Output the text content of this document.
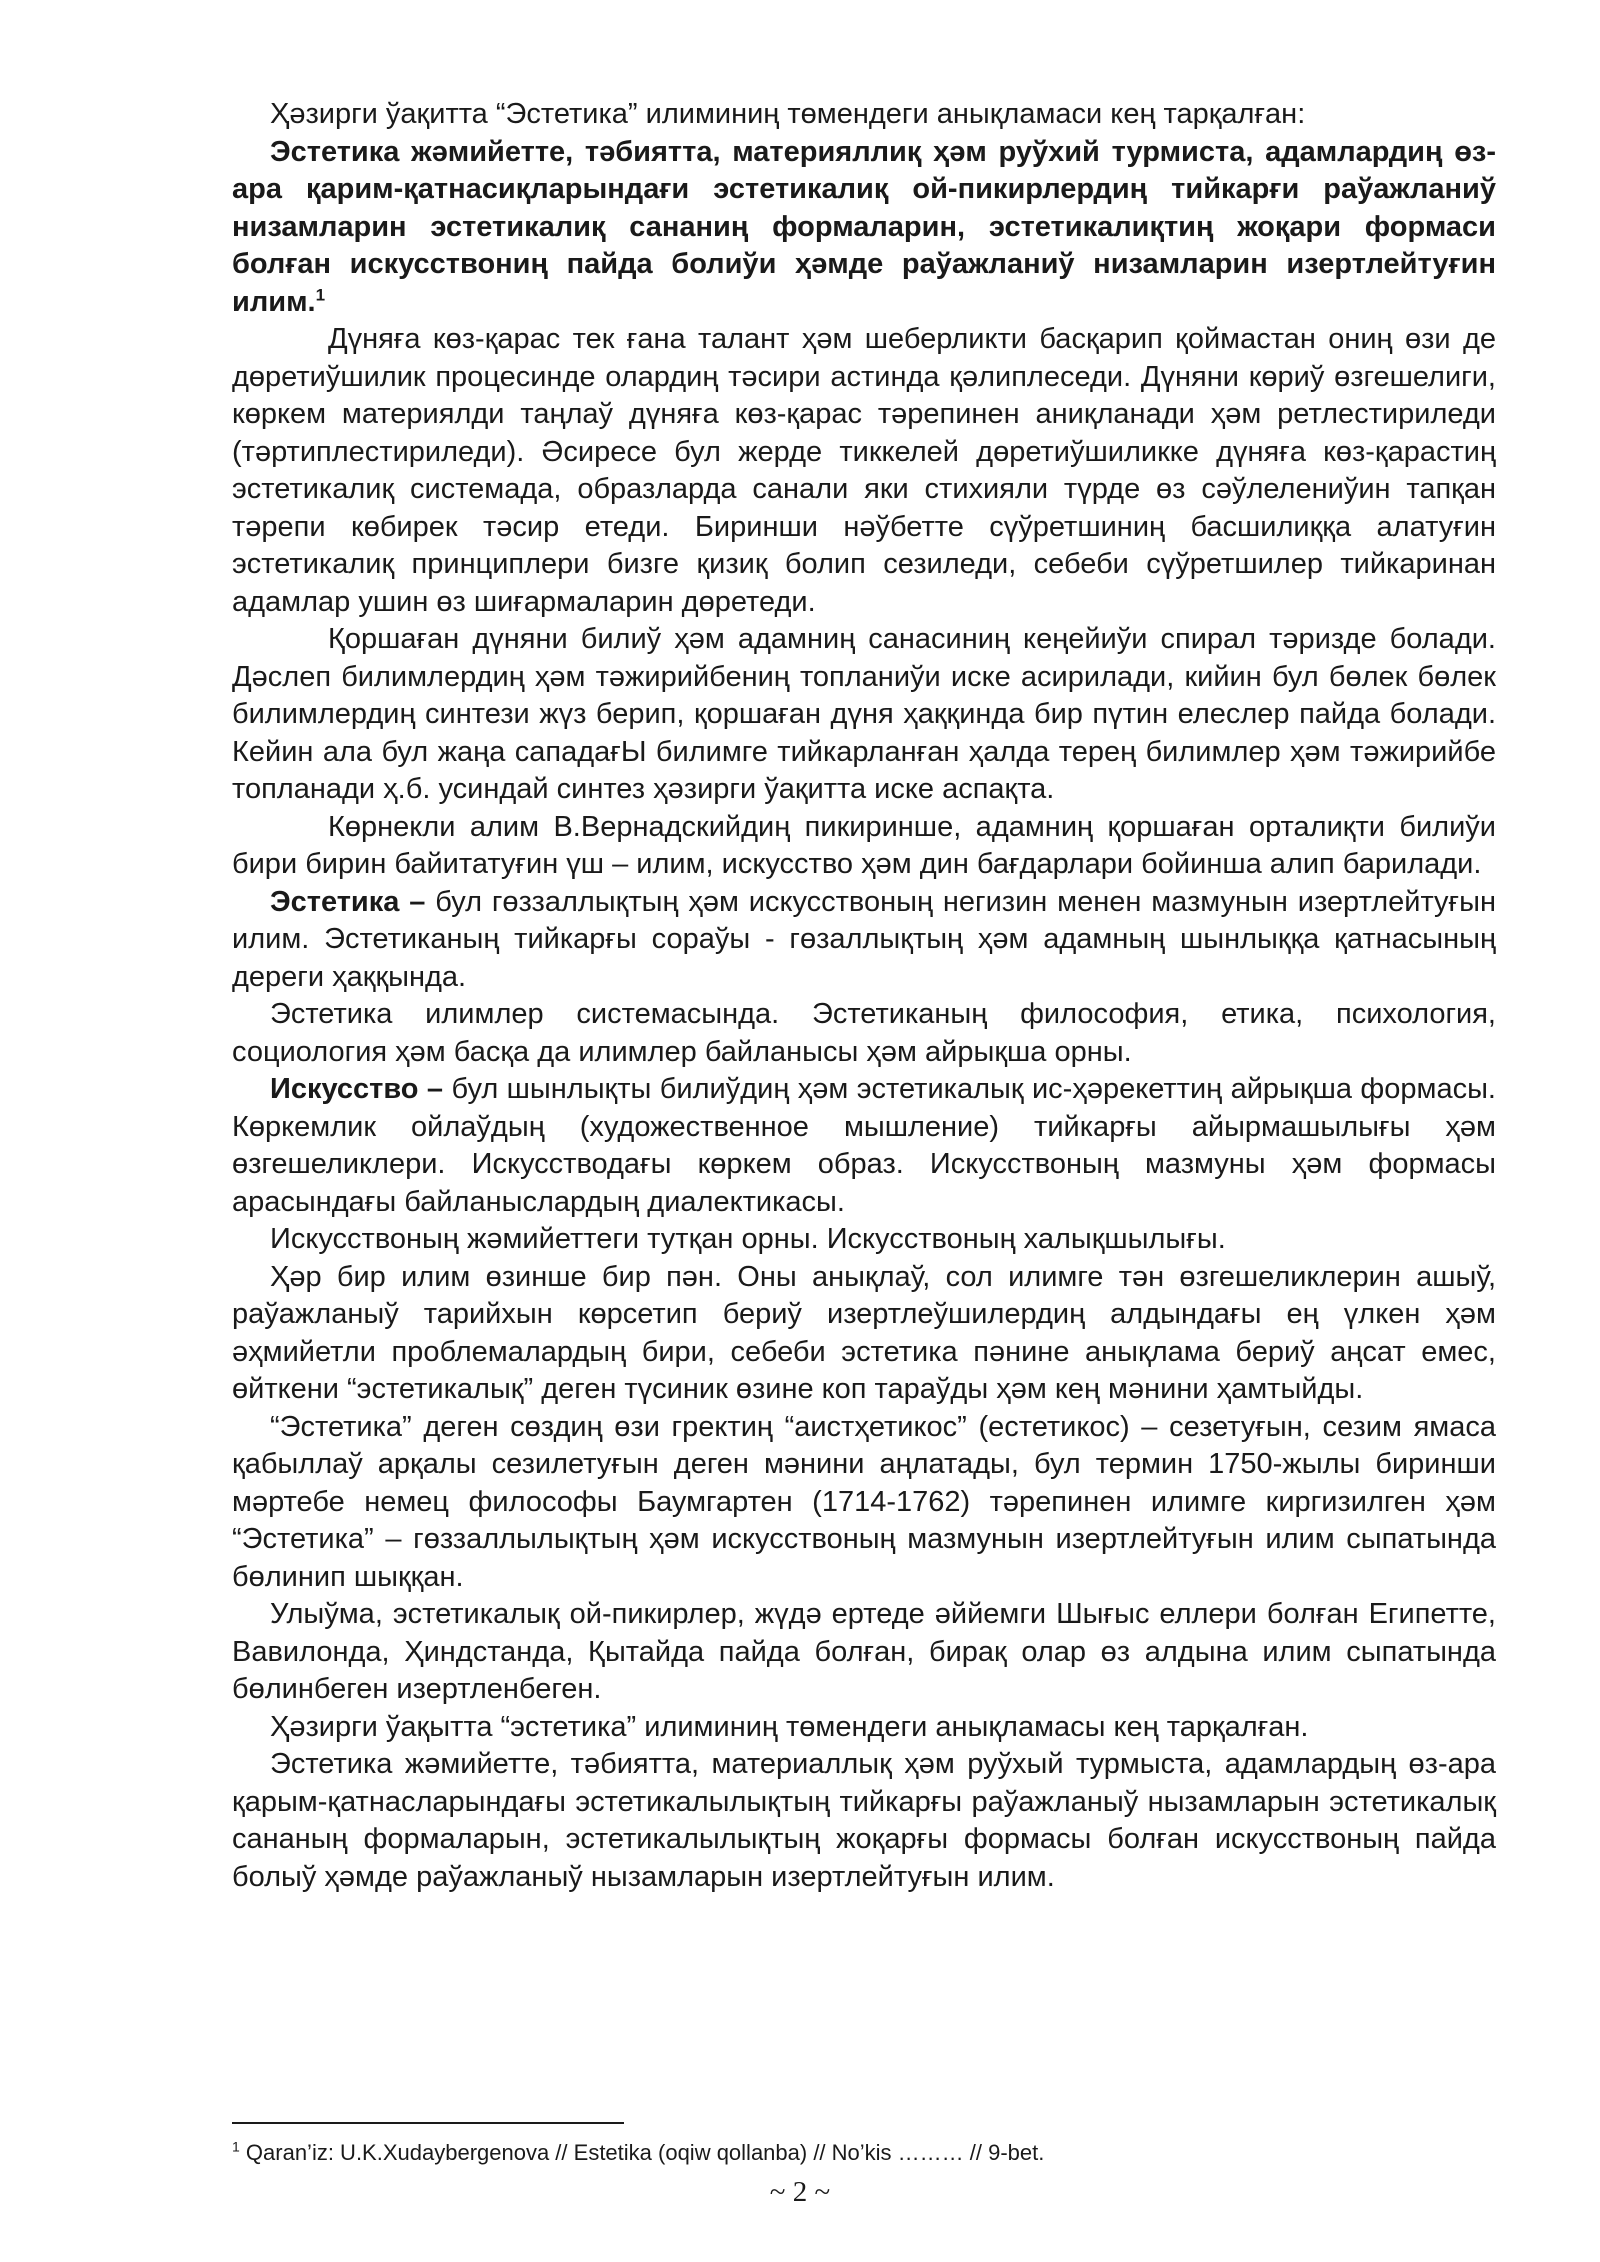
Ҳәзирги ўақитта “Эстетика” илиминиң төмендеги анықламаси кең тарқалған:

Эстетика жәмийетте, тәбиятта, материяллиқ ҳәм руўхий турмиста, адамлардиң өз-ара қарим-қатнасиқларындағи эстетикалиқ ой-пикирлердиң тийкарғи раўажланиў низамларин эстетикалиқ сананиң формаларин, эстетикалиқтиң жоқари формаси болған искусствониң пайда болиўи ҳәмде раўажланиў низамларин изертлейтуғин илим.$^1$

Дүняға көз-қарас тек ғана талант ҳәм шеберликти басқарип қоймастан ониң өзи де дөретиўшилик процесинде олардиң тәсири астинда қәлиплеседи. Дүняни көриў өзгешелиги, көркем материялди таңлаў дүняға көз-қарас тәрепинен аниқланади ҳәм ретлестириледи (тәртиплестириледи). Әсиресе бул жерде тиккелей дөретиўшиликке дүняға көз-қарастиң эстетикалиқ системада, образларда санали яки стихияли түрде өз сәўлелениўин тапқан тәрепи көбирек тәсир етеди. Биринши нәўбетте сүўретшиниң басшилиққа алатуғин эстетикалиқ принциплери бизге қизиқ болип сезиледи, себеби сүўретшилер тийкаринан адамлар ушин өз шиғармаларин дөретеди.

Қоршаған дүняни билиў ҳәм адамниң санасиниң кеңейиўи спирал тәризде болади. Дәслеп билимлердиң ҳәм тәжирийбениң топланиўи иске асирилади, кийин бул бөлек бөлек билимлердиң синтези жүз берип, қоршаған дүня ҳаққинда бир пүтин елеслер пайда болади. Кейин ала бул жаңа сападағЫ билимге тийкарланған ҳалда терең билимлер ҳәм тәжирийбе топланади ҳ.б. усиндай синтез ҳәзирги ўақитта иске аспақта.

Көрнекли алим В.Вернадскийдиң пикиринше, адамниң қоршаған орталиқти билиўи бири бирин байитатуғин үш – илим, искусство ҳәм дин бағдарлари бойинша алип барилади.

Эстетика – бул гөззаллықтың ҳәм искусствоның негизин менен мазмунын изертлейтуғын илим. Эстетиканың тийкарғы сораўы - гөзаллықтың ҳәм адамның шынлыққа қатнасының дереги ҳаққында.

Эстетика илимлер системасында. Эстетиканың философия, етика, психология, социология ҳәм басқа да илимлер байланысы ҳәм айрықша орны.

Искусство – бул шынлықты билиўдиң ҳәм эстетикалық ис-ҳәрекеттиң айрықша формасы. Көркемлик ойлаўдың (художественное мышление) тийкарғы айырмашылығы ҳәм өзгешеликлери. Искусстводағы көркем образ. Искусствоның мазмуны ҳәм формасы арасындағы байланыслардың диалектикасы.

Искусствоның жәмийеттеги тутқан орны. Искусствоның халықшылығы.

Ҳәр бир илим өзинше бир пән. Оны анықлаў, сол илимге тән өзгешеликлерин ашыў, раўажланыў тарийхын көрсетип бериў изертлеўшилердиң алдындағы ең үлкен ҳәм әҳмийетли проблемалардың бири, себеби эстетика пәнине анықлама бериў аңсат емес, өйткени “эстетикалық” деген түсиник өзине коп тараўды ҳәм кең мәнини ҳамтыйды.

“Эстетика” деген сөздиң өзи гректиң “аистҳетикос” (естетикос) – сезетуғын, сезим ямаса қабыллаў арқалы сезилетуғын деген мәнини аңлатады, бул термин 1750-жылы биринши мәртебе немец философы Баумгартен (1714-1762) тәрепинен илимге киргизилген ҳәм “Эстетика” – гөззаллылықтың ҳәм искусствоның мазмунын изертлейтуғын илим сыпатында бөлинип шыққан.

Улыўма, эстетикалық ой-пикирлер, жүдә ертеде әййемги Шығыс еллери болған Египетте, Вавилонда, Ҳиндстанда, Қытайда пайда болған, бирақ олар өз алдына илим сыпатында бөлинбеген изертленбеген.

Ҳәзирги ўақытта “эстетика” илиминиң төмендеги анықламасы кең тарқалған.

Эстетика жәмийетте, тәбиятта, материаллық ҳәм руўхый турмыста, адамлардың өз-ара қарым-қатнасларындағы эстетикалылықтың тийкарғы раўажланыў нызамларын эстетикалық сананың формаларын, эстетикалылықтың жоқарғы формасы болған искусствоның пайда болыў ҳәмде раўажланыў нызамларын изертлейтуғын илим.

$^1$ Qaran’iz: U.K.Xudaybergenova // Estetika (oqiw qollanba) // No’kis ……… // 9-bet.
~ 2 ~
